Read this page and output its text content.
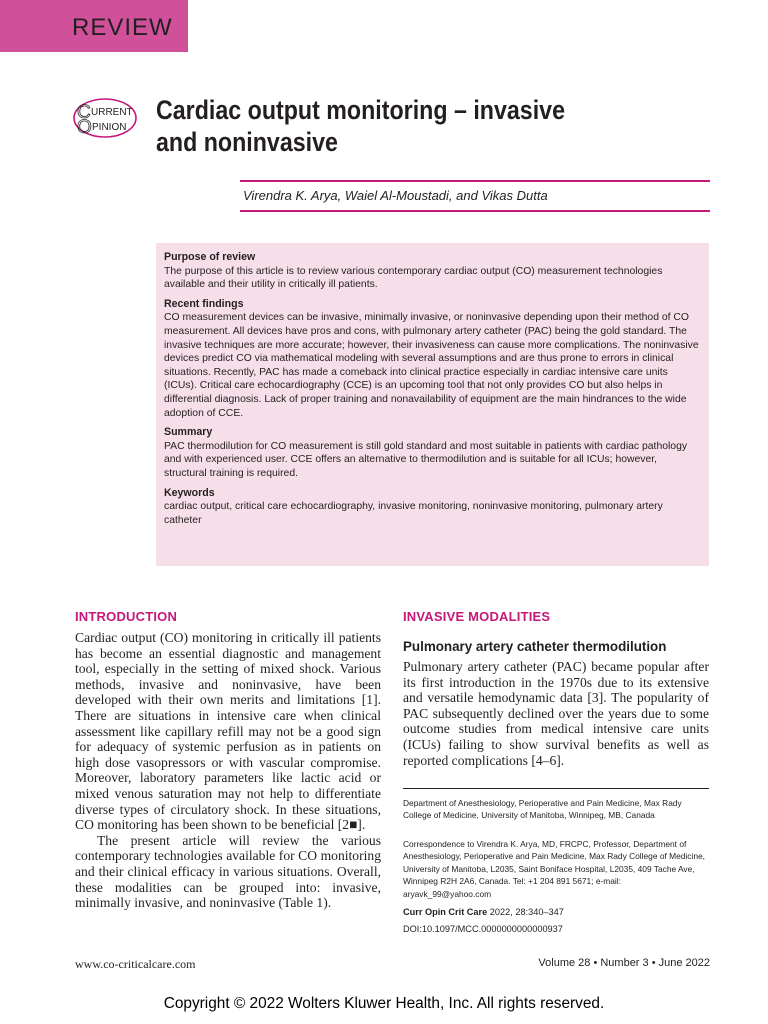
REVIEW
C URRENT
O PINION
Cardiac output monitoring – invasive
and noninvasive
Virendra K. Arya, Waiel Al-Moustadi, and Vikas Dutta
Purpose of review
The purpose of this article is to review various contemporary cardiac output (CO) measurement technologies available and their utility in critically ill patients.
Recent findings
CO measurement devices can be invasive, minimally invasive, or noninvasive depending upon their method of CO measurement. All devices have pros and cons, with pulmonary artery catheter (PAC) being the gold standard. The invasive techniques are more accurate; however, their invasiveness can cause more complications. The noninvasive devices predict CO via mathematical modeling with several assumptions and are thus prone to errors in clinical situations. Recently, PAC has made a comeback into clinical practice especially in cardiac intensive care units (ICUs). Critical care echocardiography (CCE) is an upcoming tool that not only provides CO but also helps in differential diagnosis. Lack of proper training and nonavailability of equipment are the main hindrances to the wide adoption of CCE.
Summary
PAC thermodilution for CO measurement is still gold standard and most suitable in patients with cardiac pathology and with experienced user. CCE offers an alternative to thermodilution and is suitable for all ICUs; however, structural training is required.
Keywords
cardiac output, critical care echocardiography, invasive monitoring, noninvasive monitoring, pulmonary artery catheter
INTRODUCTION

Cardiac output (CO) monitoring in critically ill patients has become an essential diagnostic and management tool, especially in the setting of mixed shock. Various methods, invasive and noninvasive, have been developed with their own merits and limitations [1]. There are situations in intensive care when clinical assessment like capillary refill may not be a good sign for adequacy of systemic perfusion as in patients on high dose vasopressors or with vascular compromise. Moreover, laboratory parameters like lactic acid or mixed venous saturation may not help to differentiate diverse types of circulatory shock. In these situations, CO monitoring has been shown to be beneficial [2■].

The present article will review the various contemporary technologies available for CO monitoring and their clinical efficacy in various situations. Overall, these modalities can be grouped into: invasive, minimally invasive, and noninvasive (Table 1).

INVASIVE MODALITIES
Pulmonary artery catheter thermodilution

Pulmonary artery catheter (PAC) became popular after its first introduction in the 1970s due to its extensive and versatile hemodynamic data [3]. The popularity of PAC subsequently declined over the years due to some outcome studies from medical intensive care units (ICUs) failing to show survival benefits as well as reported complications [4–6].

Department of Anesthesiology, Perioperative and Pain Medicine, Max Rady College of Medicine, University of Manitoba, Winnipeg, MB, Canada
Correspondence to Virendra K. Arya, MD, FRCPC, Professor, Department of Anesthesiology, Perioperative and Pain Medicine, Max Rady College of Medicine, University of Manitoba, L2035, Saint Boniface Hospital, L2035, 409 Tache Ave, Winnipeg R2H 2A6, Canada. Tel: +1 204 891 5671; e-mail: aryavk_99@yahoo.com
Curr Opin Crit Care 2022, 28:340–347
DOI:10.1097/MCC.0000000000000937
www.co-criticalcare.com	Volume 28 • Number 3 • June 2022
Copyright © 2022 Wolters Kluwer Health, Inc. All rights reserved.
